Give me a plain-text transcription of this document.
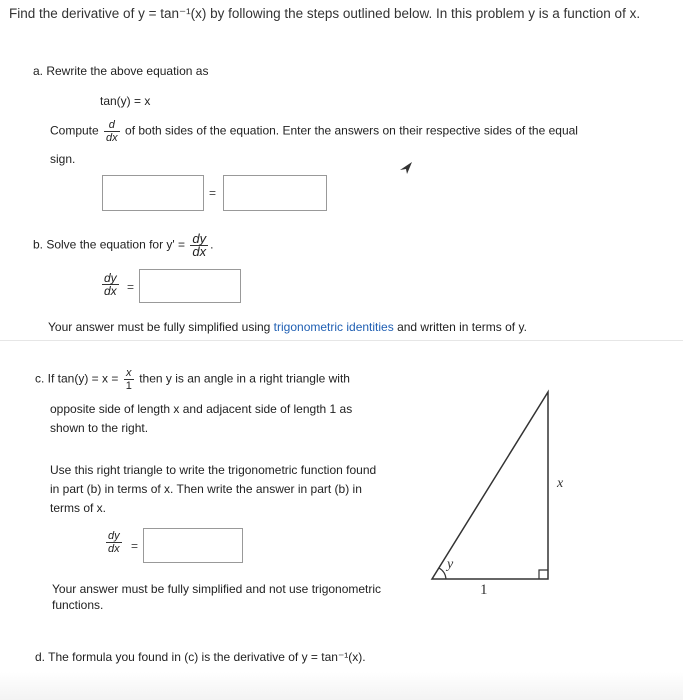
Find the derivative of y = tan⁻¹(x) by following the steps outlined below. In this problem y is a function of x.
a. Rewrite the above equation as
tan(y) = x
Compute $\frac{d}{dx}$ of both sides of the equation. Enter the answers on their respective sides of the equal
sign.
=
b. Solve the equation for $y' = \frac{dy}{dx}$ .
$\frac{dy}{dx}$ =
Your answer must be fully simplified using trigonometric identities and written in terms of y.
c. If $\tan(y) = x = \frac{x}{1}$ then y is an angle in a right triangle with
opposite side of length x and adjacent side of length 1 as
shown to the right.
Use this right triangle to write the trigonometric function found
in part (b) in terms of x. Then write the answer in part (b) in
terms of x.
$\frac{dy}{dx}$ =
Your answer must be fully simplified and not use trigonometric
functions.
x
1
y
d. The formula you found in (c) is the derivative of y = tan⁻¹(x).
